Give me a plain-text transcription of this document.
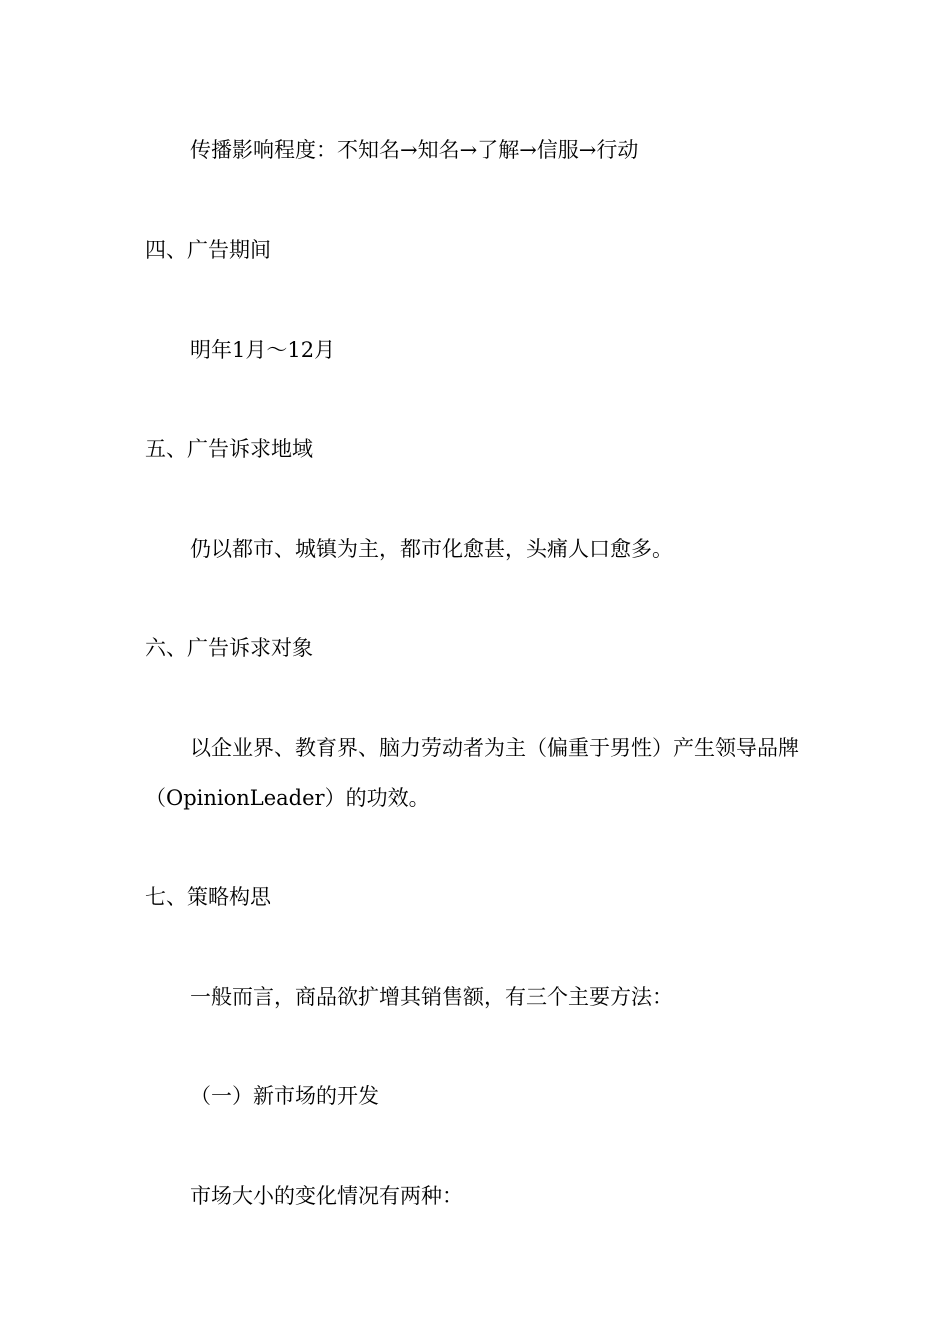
传播影响程度：不知名→知名→了解→信服→行动
四、广告期间
明年1月～12月
五、广告诉求地域
仍以都市、城镇为主，都市化愈甚，头痛人口愈多。
六、广告诉求对象
以企业界、教育界、脑力劳动者为主（偏重于男性）产生领导品牌（OpinionLeader）的功效。
七、策略构思
一般而言，商品欲扩增其销售额，有三个主要方法：
（一）新市场的开发
市场大小的变化情况有两种：
